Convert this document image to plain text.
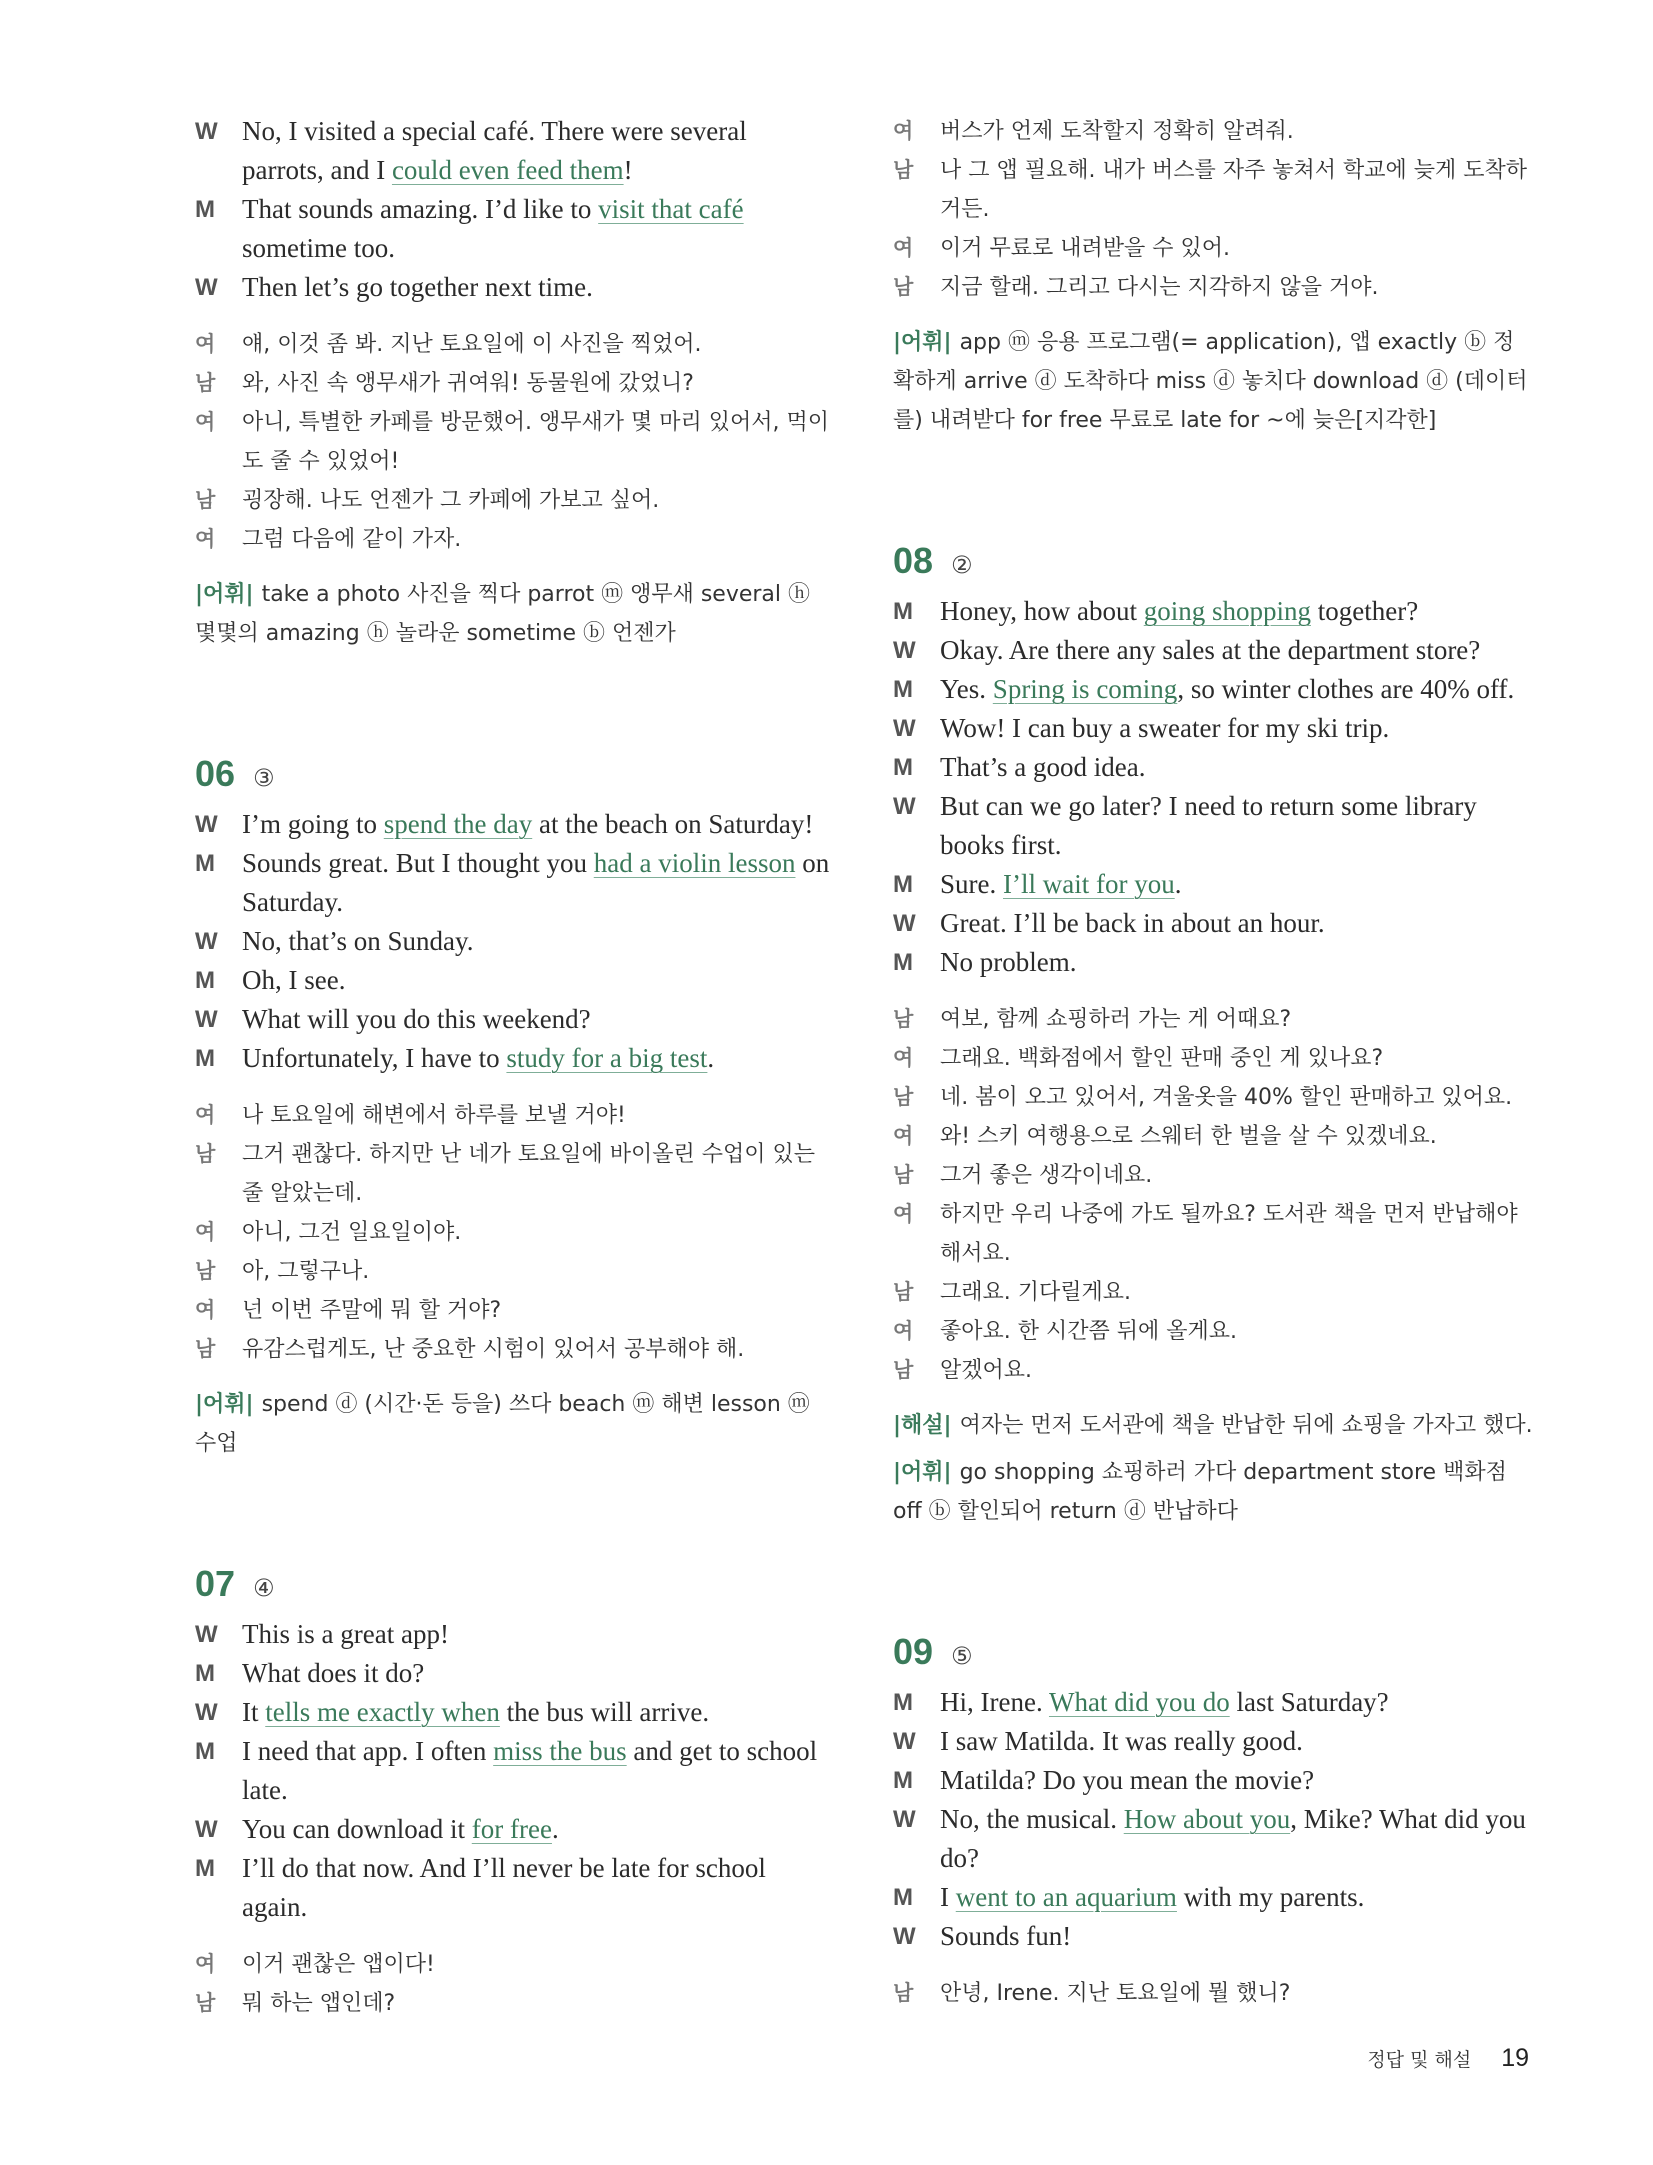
W No, I visited a special café. There were several parrots, and I could even feed them!
M	That sounds amazing. I’d like to visit that café sometime too.
W Then let’s go together next time.
여	얘, 이것 좀 봐. 지난 토요일에 이 사진을 찍었어.
남	와, 사진 속 앵무새가 귀여워! 동물원에 갔었니?
여	아니, 특별한 카페를 방문했어. 앵무새가 몇 마리 있어서, 먹이도 줄 수 있었어!
남	굉장해. 나도 언젠가 그 카페에 가보고 싶어.
여	그럼 다음에 같이 가자.
|어휘| take a photo 사진을 찍다 parrot ⓜ 앵무새 several ⓗ 몇몇의 amazing ⓗ 놀라운 sometime ⓑ 언젠가
06 ③
W I’m going to spend the day at the beach on Saturday!
M	Sounds great. But I thought you had a violin lesson on Saturday.
W No, that’s on Sunday.
M	Oh, I see.
W What will you do this weekend?
M	Unfortunately, I have to study for a big test.
여	나 토요일에 해변에서 하루를 보낼 거야!
남	그거 괜찮다. 하지만 난 네가 토요일에 바이올린 수업이 있는 줄 알았는데.
여	아니, 그건 일요일이야.
남	아, 그렇구나.
여	넌 이번 주말에 뭐 할 거야?
남	유감스럽게도, 난 중요한 시험이 있어서 공부해야 해.
|어휘| spend ⓓ (시간·돈 등을) 쓰다 beach ⓜ 해변 lesson ⓜ 수업
07 ④
W This is a great app!
M	What does it do?
W It tells me exactly when the bus will arrive.
M	I need that app. I often miss the bus and get to school late.
W You can download it for free.
M	I’ll do that now. And I’ll never be late for school again.
여	이거 괜찮은 앱이다!
남	뭐 하는 앱인데?
여	버스가 언제 도착할지 정확히 알려줘.
남	나 그 앱 필요해. 내가 버스를 자주 놓쳐서 학교에 늦게 도착하거든.
여	이거 무료로 내려받을 수 있어.
남	지금 할래. 그리고 다시는 지각하지 않을 거야.
|어휘| app ⓜ 응용 프로그램(= application), 앱 exactly ⓑ 정확하게 arrive ⓓ 도착하다 miss ⓓ 놓치다 download ⓓ (데이터를) 내려받다 for free 무료로 late for ~에 늦은[지각한]
08 ②
M	Honey, how about going shopping together?
W Okay. Are there any sales at the department store?
M	Yes. Spring is coming, so winter clothes are 40% off.
W Wow! I can buy a sweater for my ski trip.
M	That’s a good idea.
W But can we go later? I need to return some library books first.
M	Sure. I’ll wait for you.
W Great. I’ll be back in about an hour.
M	No problem.
남	여보, 함께 쇼핑하러 가는 게 어때요?
여	그래요. 백화점에서 할인 판매 중인 게 있나요?
남	네. 봄이 오고 있어서, 겨울옷을 40% 할인 판매하고 있어요.
여	와! 스키 여행용으로 스웨터 한 벌을 살 수 있겠네요.
남	그거 좋은 생각이네요.
여	하지만 우리 나중에 가도 될까요? 도서관 책을 먼저 반납해야 해서요.
남	그래요. 기다릴게요.
여	좋아요. 한 시간쯤 뒤에 올게요.
남	알겠어요.
|해설| 여자는 먼저 도서관에 책을 반납한 뒤에 쇼핑을 가자고 했다.
|어휘| go shopping 쇼핑하러 가다 department store 백화점 off ⓑ 할인되어 return ⓓ 반납하다
09 ⑤
M	Hi, Irene. What did you do last Saturday?
W I saw Matilda. It was really good.
M	Matilda? Do you mean the movie?
W No, the musical. How about you, Mike? What did you do?
M	I went to an aquarium with my parents.
W Sounds fun!
남	안녕, Irene. 지난 토요일에 뭘 했니?
정답 및 해설 19
